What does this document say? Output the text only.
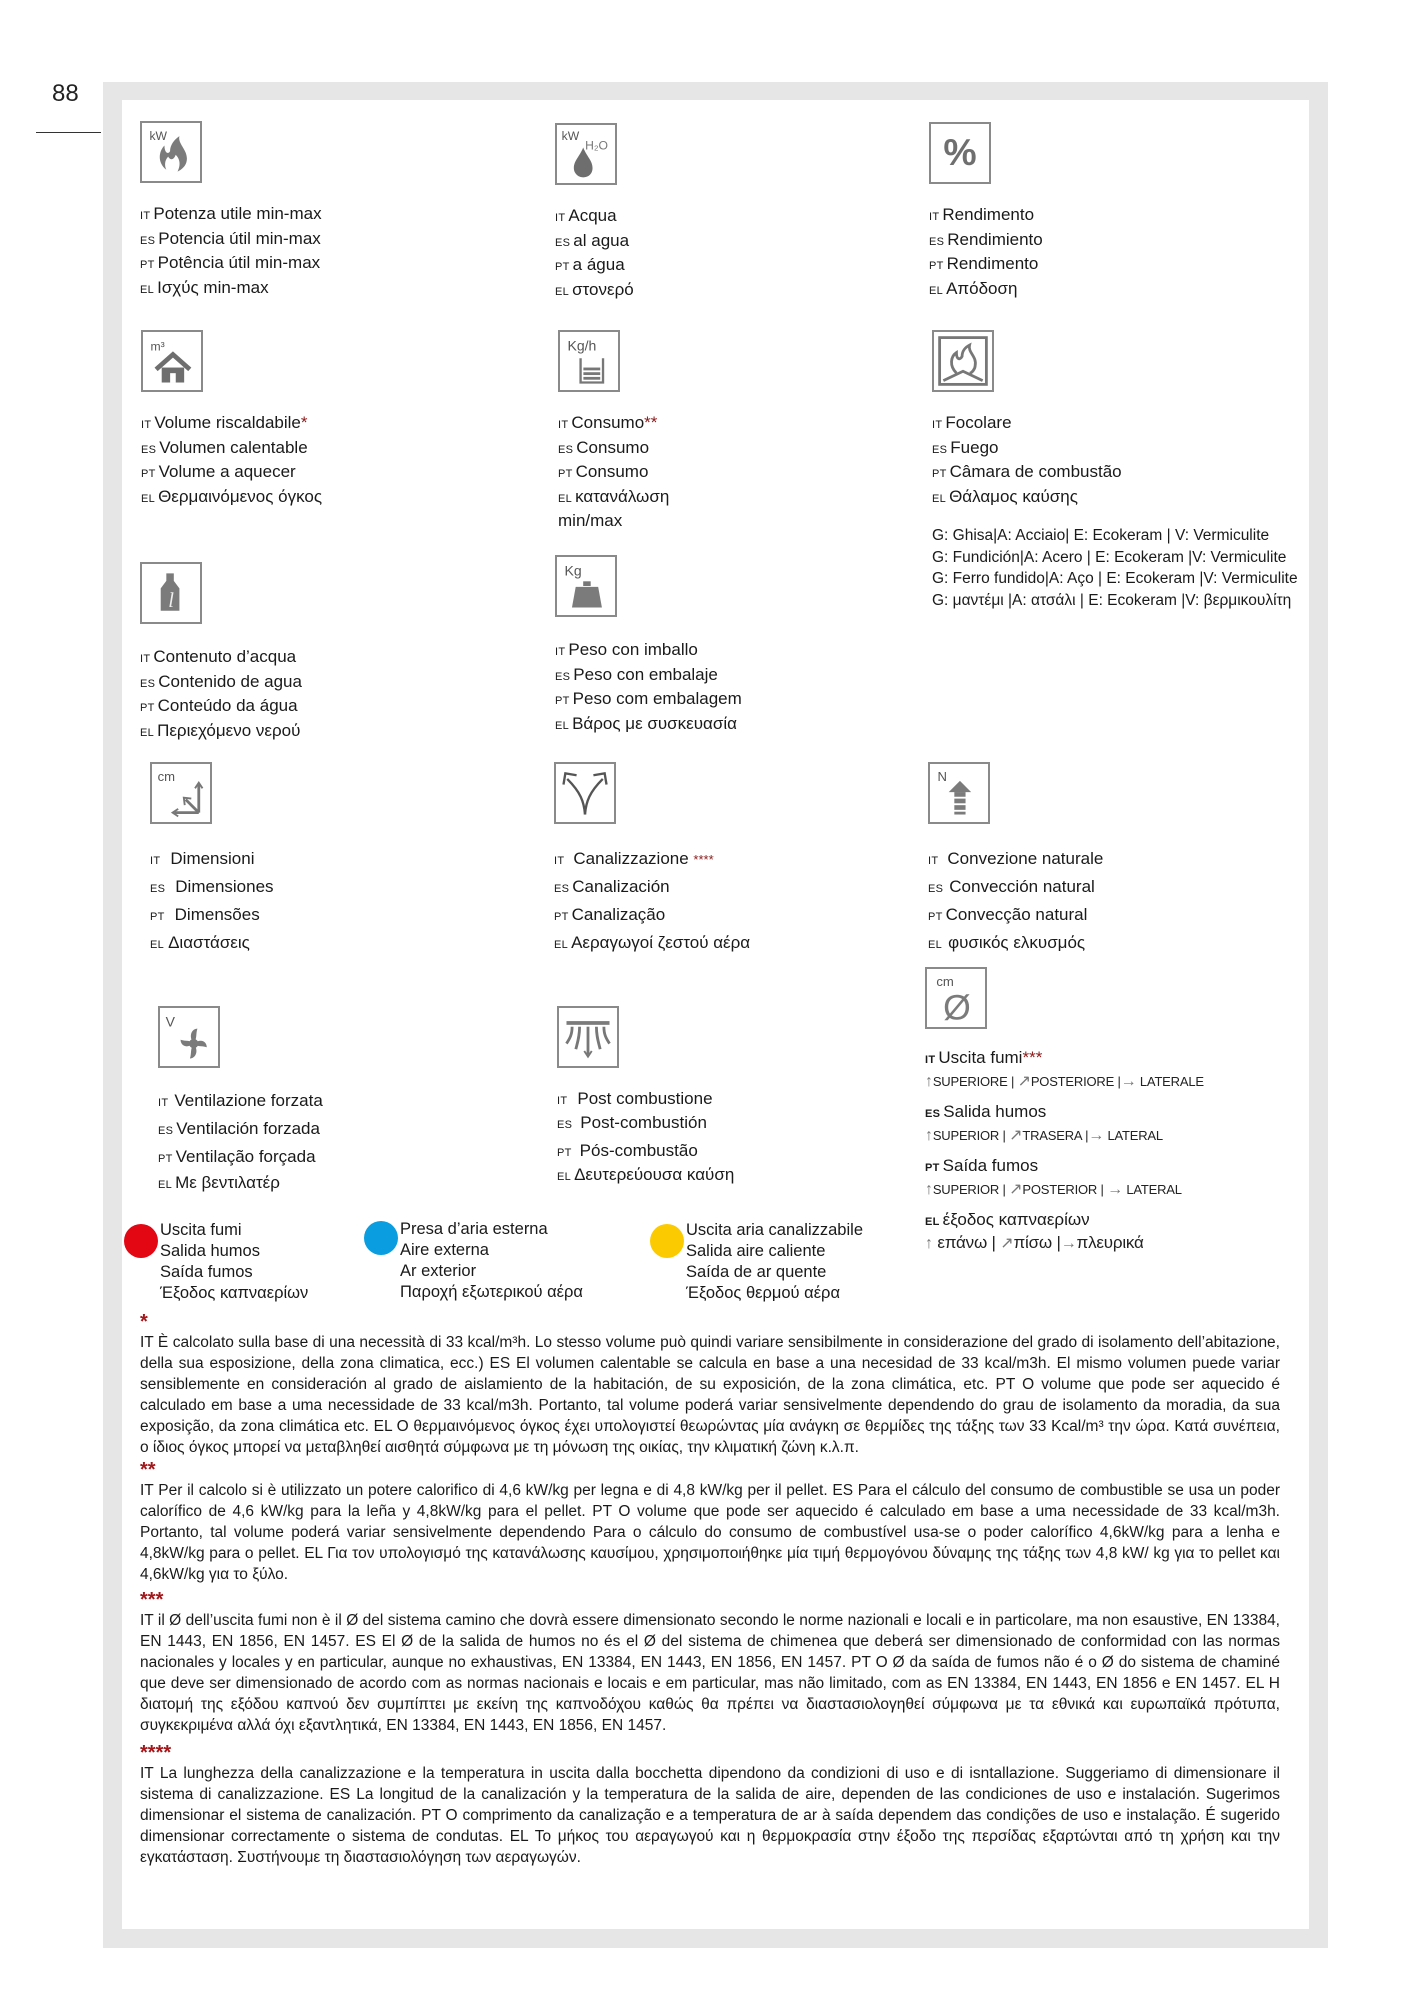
88
kW
IT Potenza utile min-max
ES Potencia útil min-max
PT Potência útil min-max
EL Ισχύς min-max
kW
H₂O
IT Acqua
ES al agua
PT a água
EL στονερό
%
IT Rendimento
ES Rendimiento
PT Rendimento
EL Απόδοση
m³
IT Volume riscaldabile*
ES Volumen calentable
PT Volume a aquecer
EL Θερμαινόμενος όγκος
Kg/h
IT Consumo**
ES Consumo
PT Consumo
EL κατανάλωση
min/max
IT Focolare
ES Fuego
PT Câmara de combustão
EL Θάλαμος καύσης
G: Ghisa|A: Acciaio| E: Ecokeram | V: Vermiculite
G: Fundición|A: Acero | E: Ecokeram |V: Vermiculite
G: Ferro fundido|A: Aço | E: Ecokeram |V: Vermiculite
G: μαντέμι |A: ατσάλι | E: Ecokeram |V: βερμικουλίτη
l
IT Contenuto d’acqua
ES Contenido de agua
PT Conteúdo da água
EL Περιεχόμενο νερού
Kg
IT Peso con imballo
ES Peso con embalaje
PT Peso com embalagem
EL Βάρος με συσκευασία
cm
IT Dimensioni
ES Dimensiones
PT Dimensões
EL Διαστάσεις
IT Canalizzazione ****
ES Canalización
PT Canalização
EL Αεραγωγοί ζεστού αέρα
N
IT Convezione naturale
ES Convección natural
PT Convecção natural
EL φυσικός ελκυσμός
V
IT Ventilazione forzata
ES Ventilación forzada
PT Ventilação forçada
EL Με βεντιλατέρ
IT Post combustione
ES Post-combustión
PT Pós-combustão
EL Δευτερεύουσα καύση
cm
Ø
IT Uscita fumi***
↑SUPERIORE | ↗POSTERIORE |→ LATERALE
ES Salida humos
↑SUPERIOR | ↗TRASERA |→ LATERAL
PT Saída fumos
↑SUPERIOR | ↗POSTERIOR | → LATERAL
EL έξοδος καπναερίων
↑ επάνω | ↗πίσω |→πλευρικά
Uscita fumi
Salida humos
Saída fumos
Έξοδος καπναερίων
Presa d’aria esterna
Aire externa
Ar exterior
Παροχή εξωτερικού αέρα
Uscita aria canalizzabile
Salida aire caliente
Saída de ar quente
Έξοδος θερμού αέρα
*
IT È calcolato sulla base di una necessità di 33 kcal/m³h. Lo stesso volume può quindi variare sensibilmente in considerazione del grado di isolamento dell’abitazione, della sua esposizione, della zona climatica, ecc.) ES El volumen calentable se calcula en base a una necesidad de 33 kcal/m3h. El mismo volumen puede variar sensiblemente en consideración al grado de aislamiento de la habitación, de su exposición, de la zona climática, etc. PT O volume que pode ser aquecido é calculado em base a uma necessidade de 33 kcal/m3h. Portanto, tal volume poderá variar sensivelmente dependendo do grau de isolamento da moradia, da sua exposição, da zona climática etc. EL O θερμαινόμενος όγκος έχει υπολογιστεί θεωρώντας μία ανάγκη σε θερμίδες της τάξης των 33 Kcal/m³ την ώρα. Κατά συνέπεια, ο ίδιος όγκος μπορεί να μεταβληθεί αισθητά σύμφωνα με τη μόνωση της οικίας, την κλιματική ζώνη κ.λ.π.
**
IT Per il calcolo si è utilizzato un potere calorifico di 4,6 kW/kg per legna e di 4,8 kW/kg per il pellet. ES Para el cálculo del consumo de combustible se usa un poder calorífico de 4,6 kW/kg para la leña y 4,8kW/kg para el pellet. PT O volume que pode ser aquecido é calculado em base a uma necessidade de 33 kcal/m3h. Portanto, tal volume poderá variar sensivelmente dependendo Para o cálculo do consumo de combustível usa-se o poder calorífico 4,6kW/kg para a lenha e 4,8kW/kg para o pellet. EL Για τον υπολογισμό της κατανάλωσης καυσίμου, χρησιμοποιήθηκε μία τιμή θερμογόνου δύναμης της τάξης των 4,8 kW/ kg για το pellet και 4,6kW/kg για το ξύλο.
***
IT il Ø dell’uscita fumi non è il Ø del sistema camino che dovrà essere dimensionato secondo le norme nazionali e locali e in particolare, ma non esaustive, EN 13384, EN 1443, EN 1856, EN 1457. ES El Ø de la salida de humos no és el Ø del sistema de chimenea que deberá ser dimensionado de conformidad con las normas nacionales y locales y en particular, aunque no exhaustivas, EN 13384, EN 1443, EN 1856, EN 1457. PT O Ø da saída de fumos não é o Ø do sistema de chaminé que deve ser dimensionado de acordo com as normas nacionais e locais e em particular, mas não limitado, com as EN 13384, EN 1443, EN 1856 e EN 1457. EL Η διατομή της εξόδου καπνού δεν συμπίπτει με εκείνη της καπνοδόχου καθώς θα πρέπει να διαστασιολογηθεί σύμφωνα με τα εθνικά και ευρωπαϊκά πρότυπα, συγκεκριμένα αλλά όχι εξαντλητικά, EN 13384, EN 1443, EN 1856, EN 1457.
****
IT La lunghezza della canalizzazione e la temperatura in uscita dalla bocchetta dipendono da condizioni di uso e di isntallazione. Suggeriamo di dimensionare il sistema di canalizzazione. ES La longitud de la canalización y la temperatura de la salida de aire, dependen de las condiciones de uso e instalación. Sugerimos dimensionar el sistema de canalización. PT O comprimento da canalização e a temperatura de ar à saída dependem das condições de uso e instalação. É sugerido dimensionar correctamente o sistema de condutas. EL Το μήκος του αεραγωγού και η θερμοκρασία στην έξοδο της περσίδας εξαρτώνται από τη χρήση και την εγκατάσταση. Συστήνουμε τη διαστασιολόγηση των αεραγωγών.
